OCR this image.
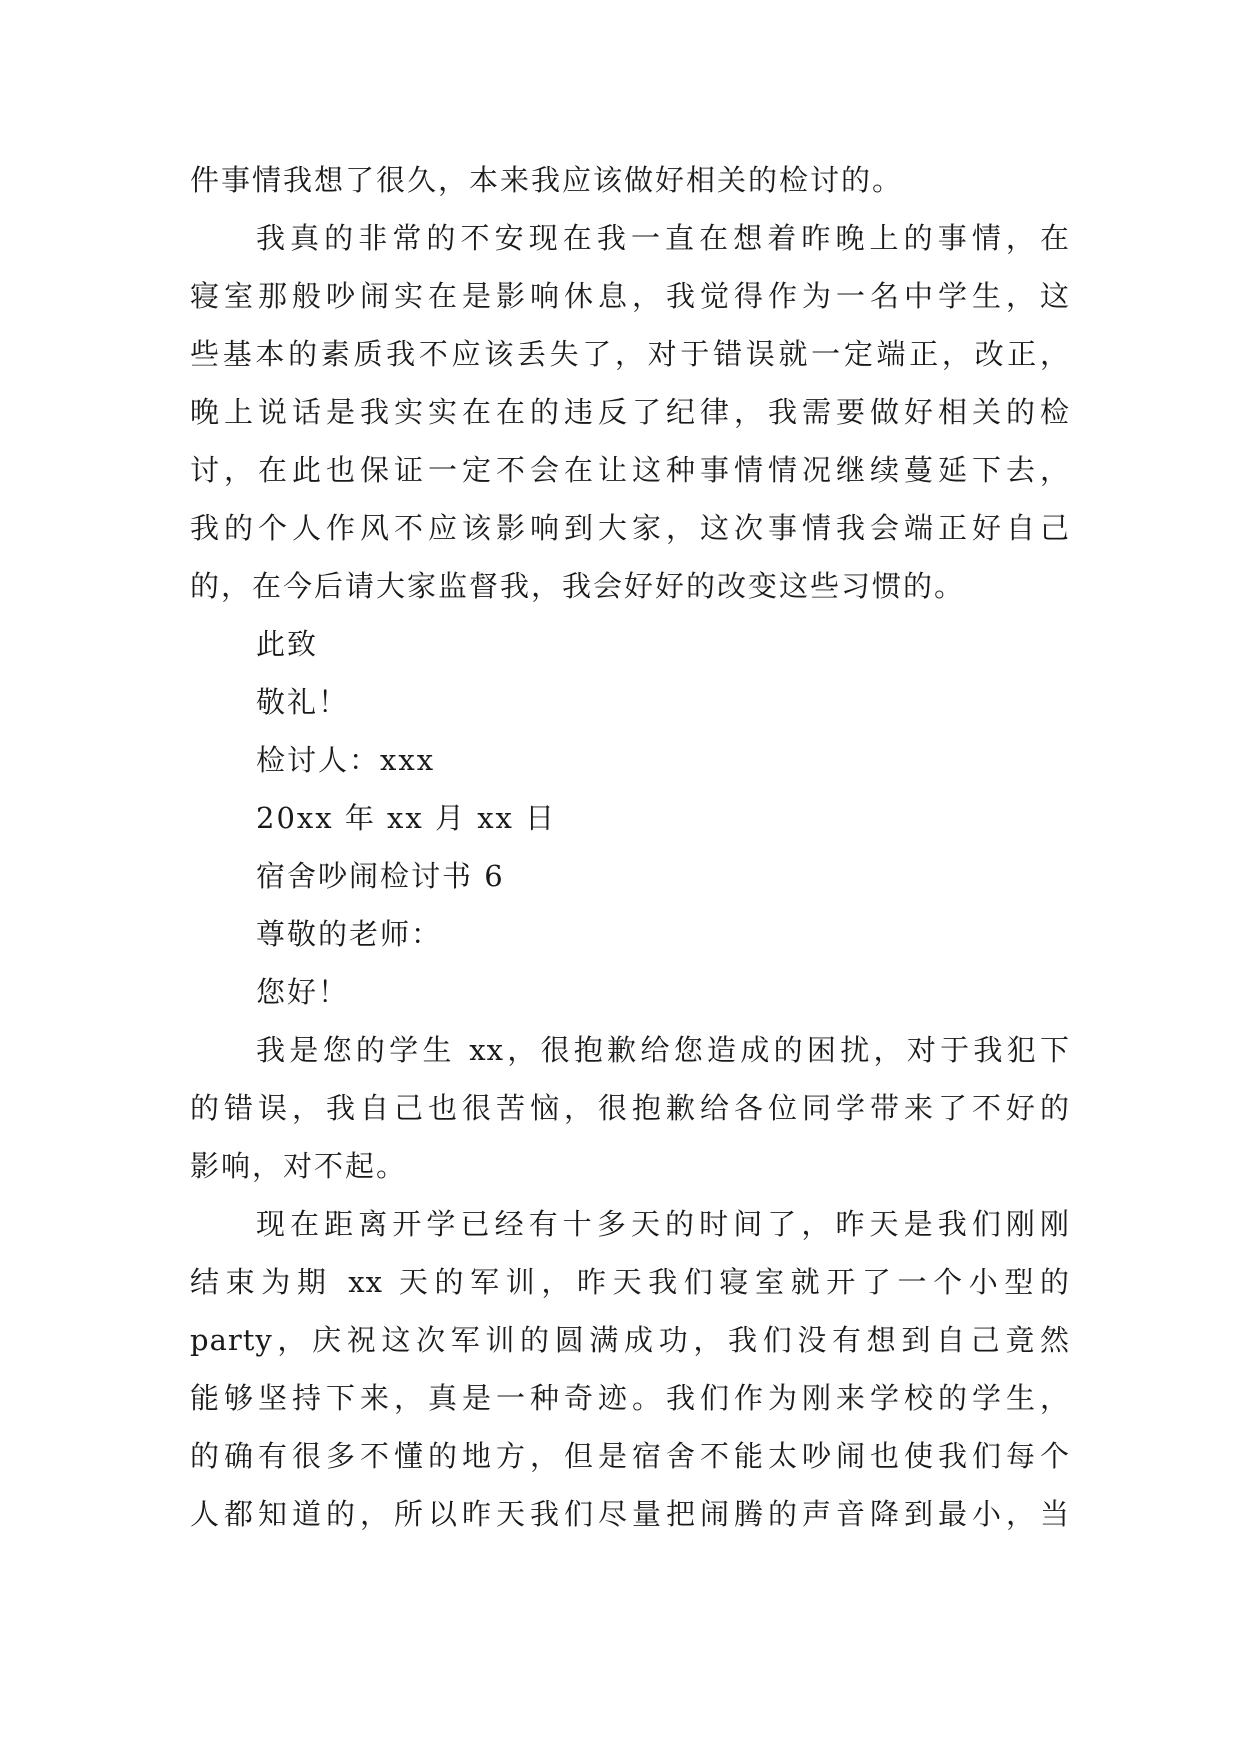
件事情我想了很久，本来我应该做好相关的检讨的。
我真的非常的不安现在我一直在想着昨晚上的事情，在
寝室那般吵闹实在是影响休息，我觉得作为一名中学生，这
些基本的素质我不应该丢失了，对于错误就一定端正，改正，
晚上说话是我实实在在的违反了纪律，我需要做好相关的检
讨，在此也保证一定不会在让这种事情情况继续蔓延下去，
我的个人作风不应该影响到大家，这次事情我会端正好自己
的，在今后请大家监督我，我会好好的改变这些习惯的。
此致
敬礼！
检讨人：xxx
20xx 年 xx 月 xx 日
宿舍吵闹检讨书 6
尊敬的老师：
您好！
我是您的学生 xx，很抱歉给您造成的困扰，对于我犯下
的错误，我自己也很苦恼，很抱歉给各位同学带来了不好的
影响，对不起。
现在距离开学已经有十多天的时间了，昨天是我们刚刚
结束为期 xx 天的军训，昨天我们寝室就开了一个小型的
party，庆祝这次军训的圆满成功，我们没有想到自己竟然
能够坚持下来，真是一种奇迹。我们作为刚来学校的学生，
的确有很多不懂的地方，但是宿舍不能太吵闹也使我们每个
人都知道的，所以昨天我们尽量把闹腾的声音降到最小，当
